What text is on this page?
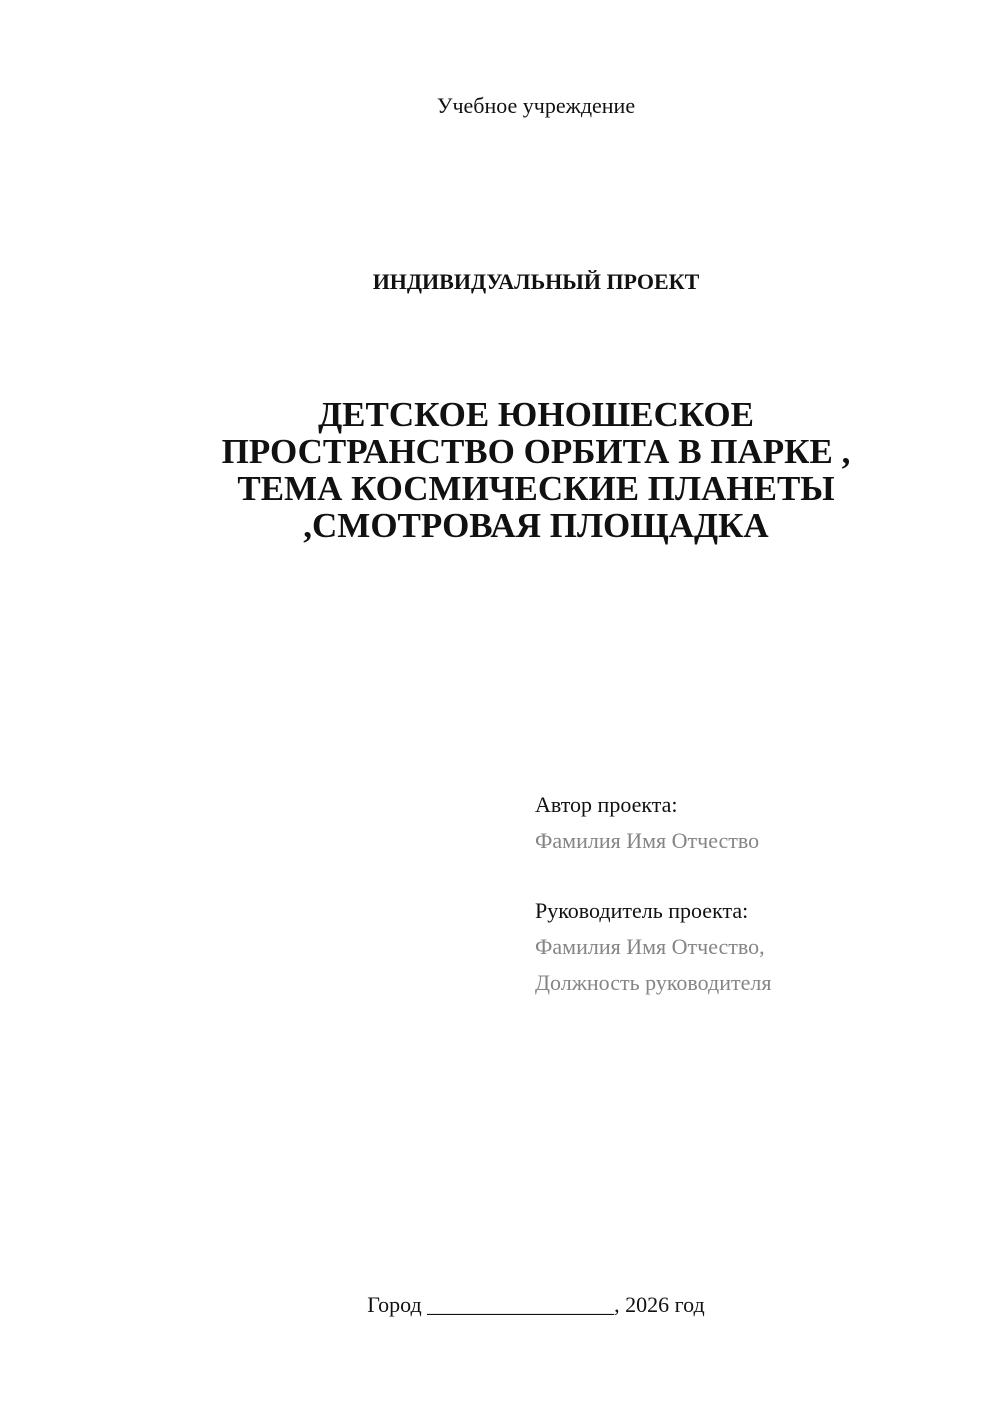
Учебное учреждение
ИНДИВИДУАЛЬНЫЙ ПРОЕКТ
ДЕТСКОЕ ЮНОШЕСКОЕ
ПРОСТРАНСТВО ОРБИТА В ПАРКЕ ,
ТЕМА КОСМИЧЕСКИЕ ПЛАНЕТЫ
,СМОТРОВАЯ ПЛОЩАДКА
Автор проекта:
Фамилия Имя Отчество
Руководитель проекта:
Фамилия Имя Отчество,
Должность руководителя
Город _________________, 2026 год
